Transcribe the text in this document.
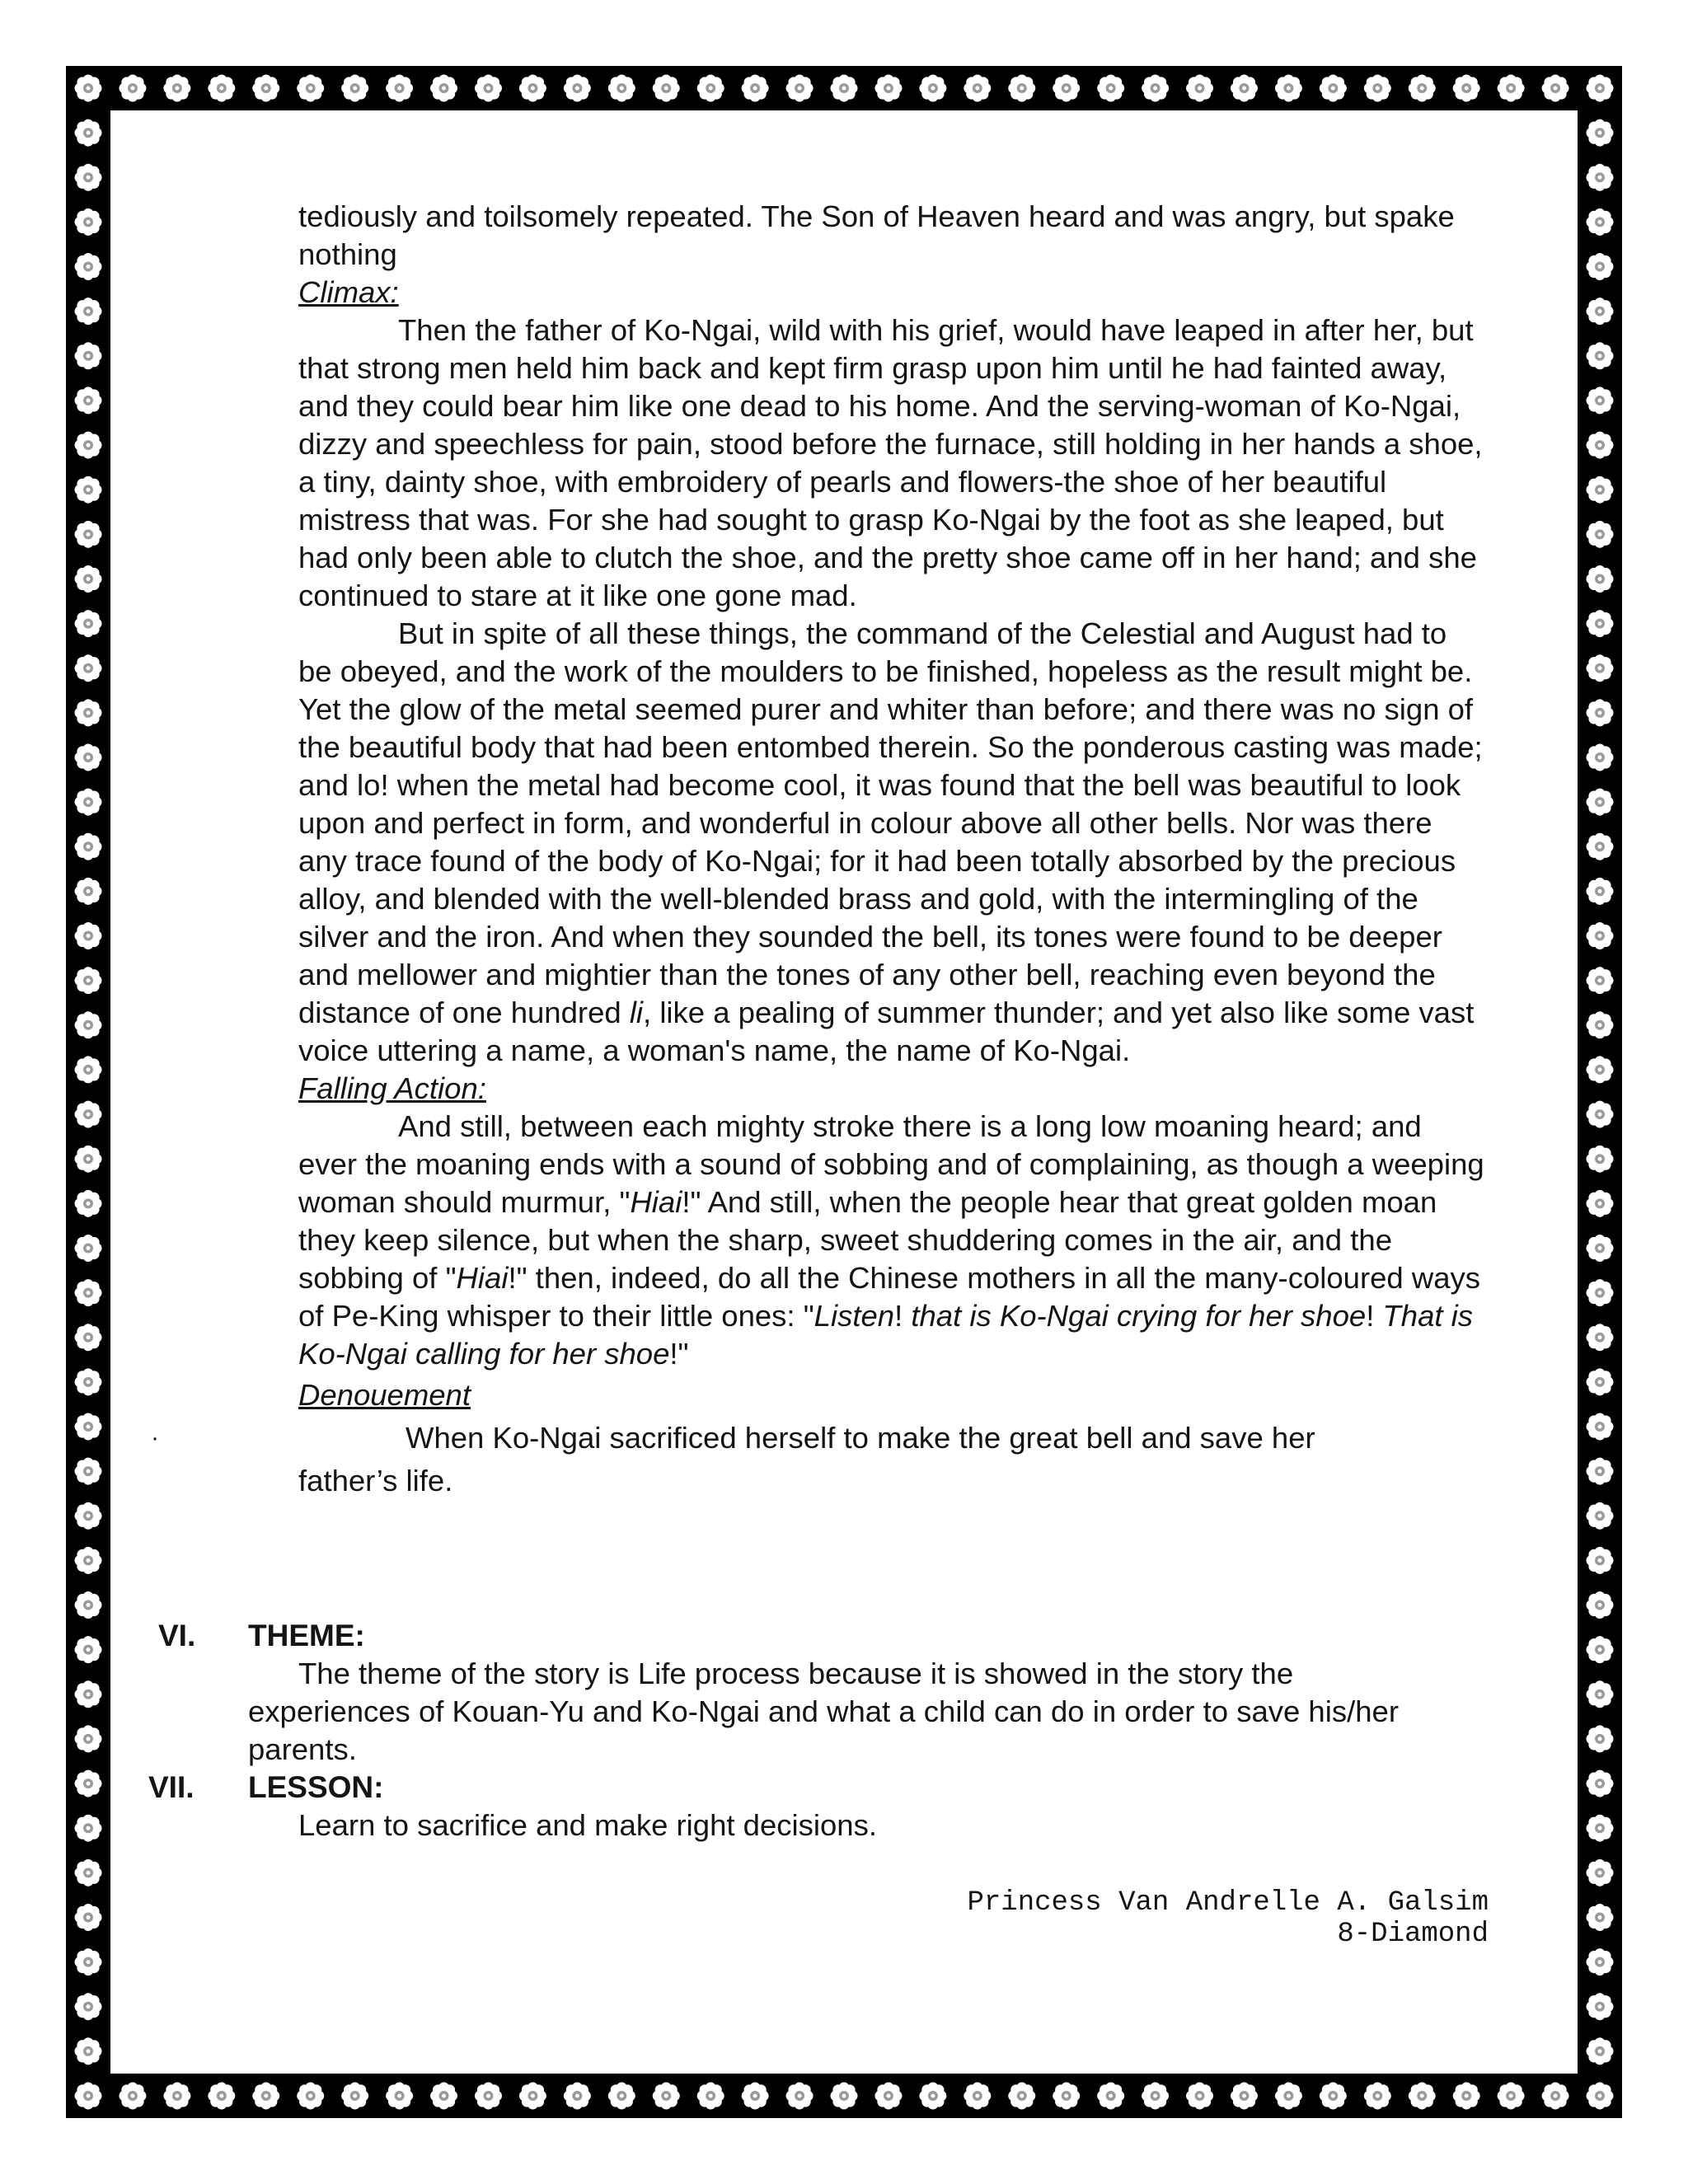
tediously and toilsomely repeated. The Son of Heaven heard and was angry, but spake nothing

Climax:

Then the father of Ko-Ngai, wild with his grief, would have leaped in after her, but that strong men held him back and kept firm grasp upon him until he had fainted away, and they could bear him like one dead to his home. And the serving-woman of Ko-Ngai, dizzy and speechless for pain, stood before the furnace, still holding in her hands a shoe, a tiny, dainty shoe, with embroidery of pearls and flowers-the shoe of her beautiful mistress that was. For she had sought to grasp Ko-Ngai by the foot as she leaped, but had only been able to clutch the shoe, and the pretty shoe came off in her hand; and she continued to stare at it like one gone mad.

But in spite of all these things, the command of the Celestial and August had to be obeyed, and the work of the moulders to be finished, hopeless as the result might be. Yet the glow of the metal seemed purer and whiter than before; and there was no sign of the beautiful body that had been entombed therein. So the ponderous casting was made; and lo! when the metal had become cool, it was found that the bell was beautiful to look upon and perfect in form, and wonderful in colour above all other bells. Nor was there any trace found of the body of Ko-Ngai; for it had been totally absorbed by the precious alloy, and blended with the well-blended brass and gold, with the intermingling of the silver and the iron. And when they sounded the bell, its tones were found to be deeper and mellower and mightier than the tones of any other bell, reaching even beyond the distance of one hundred li, like a pealing of summer thunder; and yet also like some vast voice uttering a name, a woman's name, the name of Ko-Ngai.

Falling Action:

And still, between each mighty stroke there is a long low moaning heard; and ever the moaning ends with a sound of sobbing and of complaining, as though a weeping woman should murmur, "Hiai!" And still, when the people hear that great golden moan they keep silence, but when the sharp, sweet shuddering comes in the air, and the sobbing of "Hiai!" then, indeed, do all the Chinese mothers in all the many-coloured ways of Pe-King whisper to their little ones: "Listen! that is Ko-Ngai crying for her shoe! That is Ko-Ngai calling for her shoe!"

Denouement

·	When Ko-Ngai sacrificed herself to make the great bell and save her

father’s life.

VI. THEME:
The theme of the story is Life process because it is showed in the story the experiences of Kouan-Yu and Ko-Ngai and what a child can do in order to save his/her parents.
VII. LESSON:
Learn to sacrifice and make right decisions.
Princess Van Andrelle A. Galsim
8-Diamond
